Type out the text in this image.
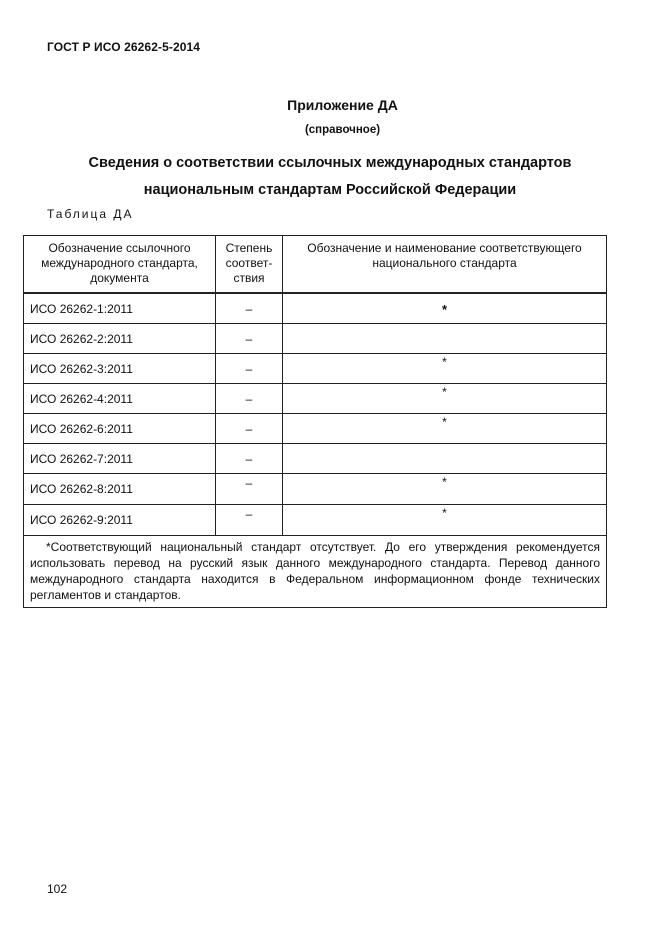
ГОСТ Р ИСО 26262-5-2014
Приложение ДА
(справочное)
Сведения о соответствии ссылочных международных стандартов
национальным стандартам Российской Федерации
Таблица ДА
Обозначение ссылочного международного стандарта, документа	Степень соответ- ствия	Обозначение и наименование соответствующего национального стандарта
ИСО 26262-1:2011	–	*
ИСО 26262-2:2011	–	
ИСО 26262-3:2011	–	*
ИСО 26262-4:2011	–	*
ИСО 26262-6:2011	–	*
ИСО 26262-7:2011	–	
ИСО 26262-8:2011	–	*
ИСО 26262-9:2011	–	*

*Соответствующий национальный стандарт отсутствует. До его утверждения рекомендуется использовать перевод на русский язык данного международного стандарта. Перевод данного международного стандарта находится в Федеральном информационном фонде технических регламентов и стандартов.		

102
